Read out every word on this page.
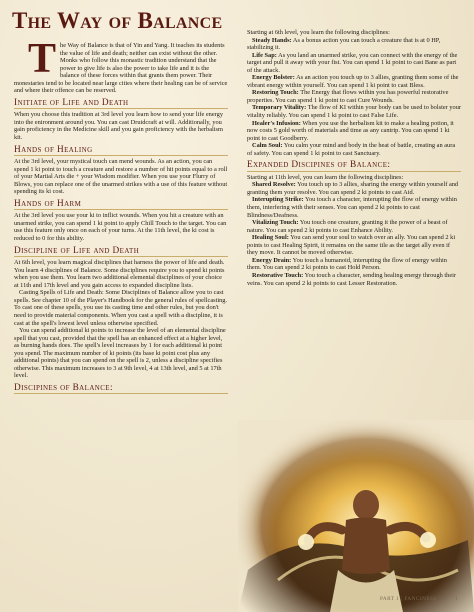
The Way of Balance
T he Way of Balance is that of Yin and Yang. It teaches its students the value of life and death; neither can exist without the other. Monks who follow this monastic tradition understand that the power to give life is also the power to take life and it is the balance of these forces within that grants them power. Their monestaries tend to be located near large cities where their healing can be of service and where their offence can be reserved.
Initiate of Life and Death

When you choose this tradition at 3rd level you learn how to send your life energy into the enironment around you. You can cast Druidcraft at will. Additionally, you gain proficiency in the Medicine skill and you gain proficiency with the herbalism kit.

Hands of Healing

At the 3rd level, your mystical touch can mend wounds. As an action, you can spend 1 ki point to touch a creature and restore a number of hit points equal to a roll of your Martial Arts die + your Wisdom modifier. When you use your Flurry of Blows, you can replace one of the unarmed strikes with a use of this feature without spending its ki cost.

Hands of Harm

At the 3rd level you use your ki to inflict wounds. When you hit a creature with an unarmed strike, you can spend 1 ki point to apply Chill Touch to the target. You can use this feature only once on each of your turns. At the 11th level, the ki cost is reduced to 0 for this ability.

Discipline of Life and Death

At 6th level, you learn magical disciplines that harness the power of life and death. You learn 4 disciplines of Balance. Some disciplines require you to spend ki points when you use them. You learn two additional elemental disciplines of your choice at 11th and 17th level and you gain access to expanded discipline lists.

Casting Spells of Life and Death: Some Disciplines of Balance allow you to cast spells. See chapter 10 of the Player's Handbook for the general rules of spellcasting. To cast one of these spells, you use its casting time and other rules, but you don't need to provide material components. When you cast a spell with a discipline, it is cast at the spell's lowest level unless otherwise specified.

You can spend additional ki points to increase the level of an elemental discipline spell that you cast, provided that the spell has an enhanced effect at a higher level, as burning hands does. The spell's level increases by 1 for each additional ki point you spend. The maximum number of ki points (its base ki point cost plus any additional points) that you can spend on the spell is 2, unless a discipline specifies otherwise. This maximum increases to 3 at 9th level, 4 at 13th level, and 5 at 17th level.

Discipines of Balance:

Starting at 6th level, you learn the following disciplines:

Steady Hands: As a bonus action you can touch a creature that is at 0 HP, stabilizing it.

Life Sap: As you land an unarmed strike, you can connect with the energy of the target and pull it away with your fist. You can spend 1 ki point to cast Bane as part of the attack.

Energy Bolster: As an action you touch up to 3 allies, granting them some of the vibrant energy within yourself. You can spend 1 ki point to cast Bless.

Restoring Touch: The Energy that flows within you has powerful restorative properties. You can spend 1 ki point to cast Cure Wounds.

Temporary Vitality: The flow of KI within your body can be used to bolster your vitality reliably. You can spend 1 ki point to cast False Life.

Healer's Infusion: When you use the herbalism kit to make a healing potion, it now costs 5 gold worth of materials and time as any cantrip. You can spend 1 ki point to cast Goodberry.

Calm Soul: You calm your mind and body in the heat of battle, creating an aura of safety. You can spend 1 ki point to cast Sanctuary.

Expanded Discipines of Balance:

Starting at 11th level, you can learn the following disciplines:

Shared Resolve: You touch up to 3 allies, sharing the energy within yourself and granting them your resolve. You can spend 2 ki points to cast Aid.

Interupting Strike: You touch a character, interupting the flow of energy within them, interfering with their senses. You can spend 2 ki points to cast Blindness/Deafness.

Vitalizing Touch: You touch one creature, granting it the power of a beast of nature. You can spend 2 ki points to cast Enhance Ability.

Healing Soul: You can send your soul to watch over an ally. You can spend 2 ki points to cast Healing Spirit, it remains on the same tile as the target ally even if they move. It cannot be moved otherwise.

Energy Drain: You touch a humanoid, interupting the flow of energy within them. You can spend 2 ki points to cast Hold Person.

Restorative Touch: You touch a character, sending healing energy through their veins. You can spend 2 ki points to cast Lesser Restoration.

PART 1 | FANCINESS	1
